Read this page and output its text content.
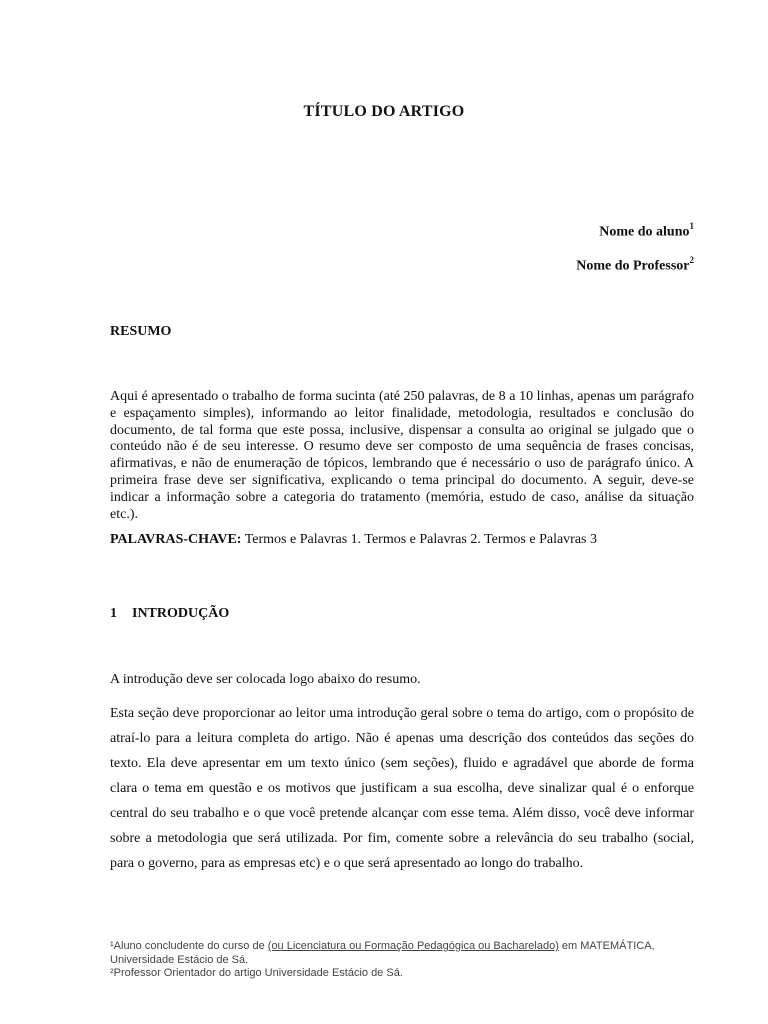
TÍTULO DO ARTIGO
Nome do aluno$^1$
Nome do Professor$^2$
RESUMO
Aqui é apresentado o trabalho de forma sucinta (até 250 palavras, de 8 a 10 linhas, apenas um parágrafo e espaçamento simples), informando ao leitor finalidade, metodologia, resultados e conclusão do documento, de tal forma que este possa, inclusive, dispensar a consulta ao original se julgado que o conteúdo não é de seu interesse. O resumo deve ser composto de uma sequência de frases concisas, afirmativas, e não de enumeração de tópicos, lembrando que é necessário o uso de parágrafo único. A primeira frase deve ser significativa, explicando o tema principal do documento. A seguir, deve-se indicar a informação sobre a categoria do tratamento (memória, estudo de caso, análise da situação etc.).
PALAVRAS-CHAVE: Termos e Palavras 1. Termos e Palavras 2. Termos e Palavras 3
1 INTRODUÇÃO
A introdução deve ser colocada logo abaixo do resumo.
Esta seção deve proporcionar ao leitor uma introdução geral sobre o tema do artigo, com o propósito de atraí-lo para a leitura completa do artigo. Não é apenas uma descrição dos conteúdos das seções do texto. Ela deve apresentar em um texto único (sem seções), fluido e agradável que aborde de forma clara o tema em questão e os motivos que justificam a sua escolha, deve sinalizar qual é o enforque central do seu trabalho e o que você pretende alcançar com esse tema. Além disso, você deve informar sobre a metodologia que será utilizada. Por fim, comente sobre a relevância do seu trabalho (social, para o governo, para as empresas etc) e o que será apresentado ao longo do trabalho.
¹Aluno concludente do curso de (ou Licenciatura ou Formação Pedagógica ou Bacharelado) em MATEMÁTICA, Universidade Estácio de Sá.
²Professor Orientador do artigo Universidade Estácio de Sá.
